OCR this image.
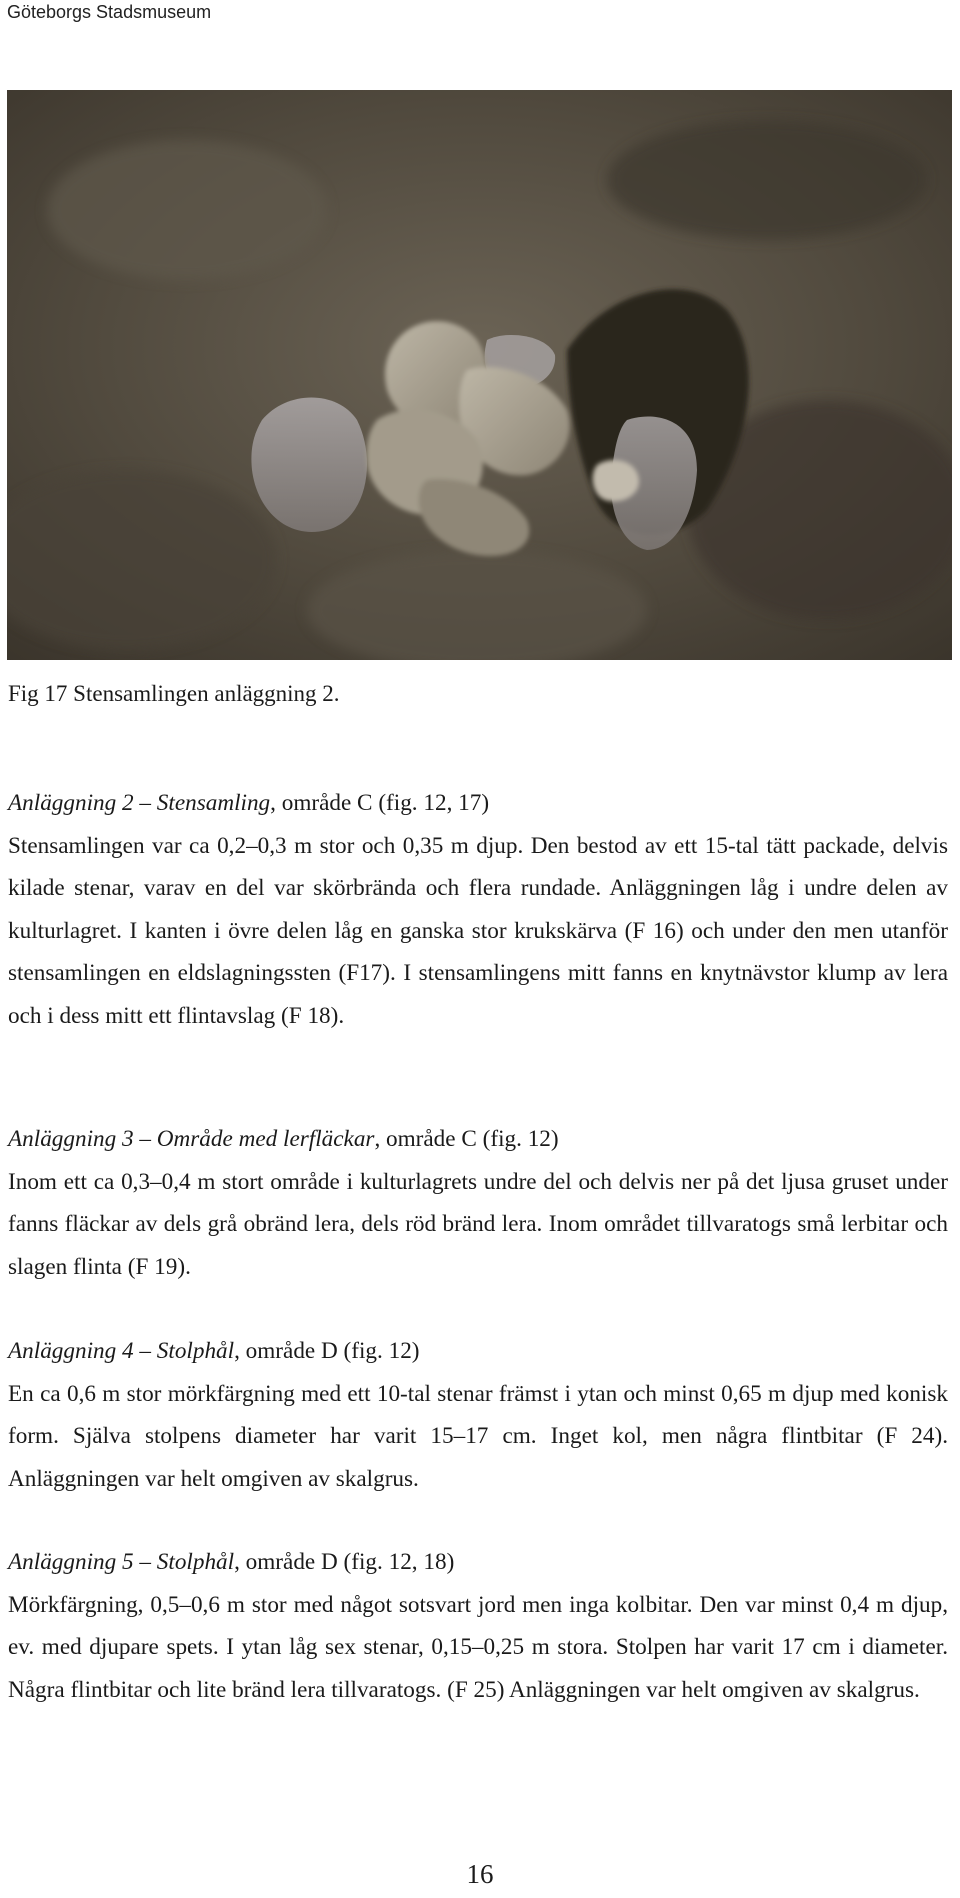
Göteborgs Stadsmuseum
Fig 17 Stensamlingen anläggning 2.
Anläggning 2 – Stensamling, område C (fig. 12, 17)

Stensamlingen var ca 0,2–0,3 m stor och 0,35 m djup. Den bestod av ett 15-tal tätt packade, delvis kilade stenar, varav en del var skörbrända och flera rundade. Anläggningen låg i undre delen av kulturlagret. I kanten i övre delen låg en ganska stor krukskärva (F 16) och under den men utanför stensamlingen en eldslagningssten (F17). I stensamlingens mitt fanns en knytnävstor klump av lera och i dess mitt ett flintavslag (F 18).

Anläggning 3 – Område med lerfläckar, område C (fig. 12)

Inom ett ca 0,3–0,4 m stort område i kulturlagrets undre del och delvis ner på det ljusa gruset under fanns fläckar av dels grå obränd lera, dels röd bränd lera. Inom området tillvaratogs små lerbitar och slagen flinta (F 19).

Anläggning 4 – Stolphål, område D (fig. 12)

En ca 0,6 m stor mörkfärgning med ett 10-tal stenar främst i ytan och minst 0,65 m djup med konisk form. Själva stolpens diameter har varit 15–17 cm. Inget kol, men några flintbitar (F 24). Anläggningen var helt omgiven av skalgrus.

Anläggning 5 – Stolphål, område D (fig. 12, 18)

Mörkfärgning, 0,5–0,6 m stor med något sotsvart jord men inga kolbitar. Den var minst 0,4 m djup, ev. med djupare spets. I ytan låg sex stenar, 0,15–0,25 m stora. Stolpen har varit 17 cm i diameter. Några flintbitar och lite bränd lera tillvaratogs. (F 25) Anläggningen var helt omgiven av skalgrus.

16
